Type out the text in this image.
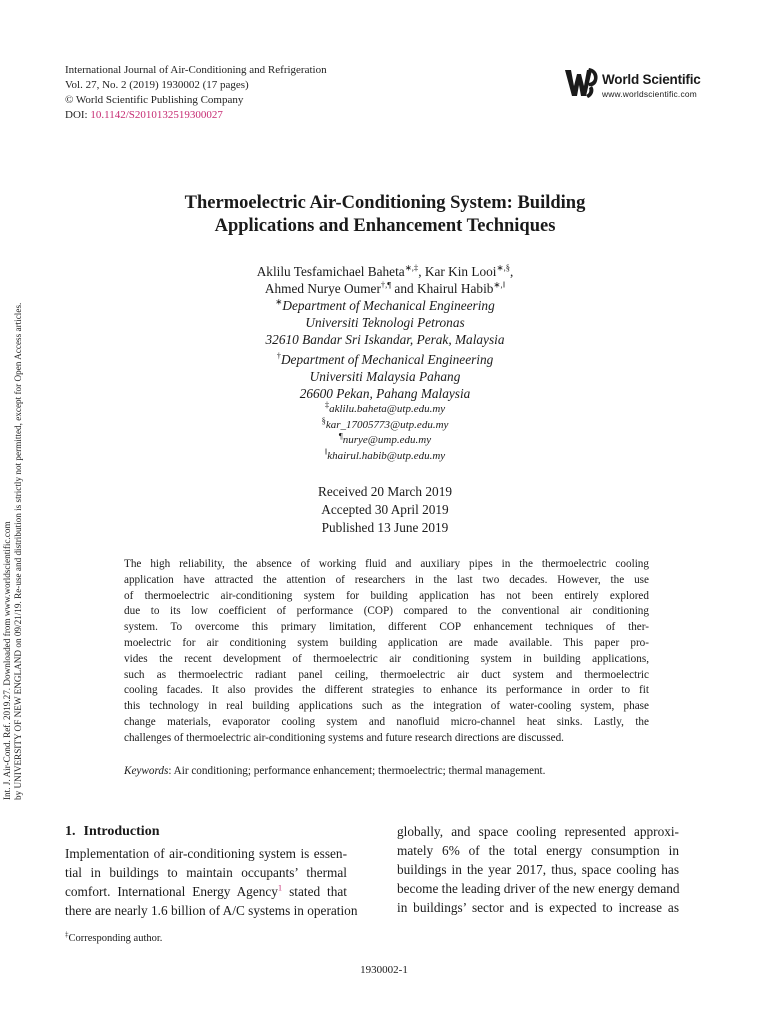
Int. J. Air-Cond. Ref. 2019.27. Downloaded from www.worldscientific.com by UNIVERSITY OF NEW ENGLAND on 09/21/19. Re-use and distribution is strictly not permitted, except for Open Access articles.
International Journal of Air-Conditioning and Refrigeration
Vol. 27, No. 2 (2019) 1930002 (17 pages)
© World Scientific Publishing Company
DOI: 10.1142/S2010132519300027
World Scientific
www.worldscientific.com
Thermoelectric Air-Conditioning System: Building
Applications and Enhancement Techniques
Aklilu Tesfamichael Baheta∗,‡, Kar Kin Looi∗,§,
Ahmed Nurye Oumer†,¶ and Khairul Habib∗,‖
∗Department of Mechanical Engineering
Universiti Teknologi Petronas
32610 Bandar Sri Iskandar, Perak, Malaysia
†Department of Mechanical Engineering
Universiti Malaysia Pahang
26600 Pekan, Pahang Malaysia
‡aklilu.baheta@utp.edu.my
§kar_17005773@utp.edu.my
¶nurye@ump.edu.my
‖khairul.habib@utp.edu.my
Received 20 March 2019
Accepted 30 April 2019
Published 13 June 2019
The high reliability, the absence of working fluid and auxiliary pipes in the thermoelectric cooling
application have attracted the attention of researchers in the last two decades. However, the use
of thermoelectric air-conditioning system for building application has not been entirely explored
due to its low coefficient of performance (COP) compared to the conventional air conditioning
system. To overcome this primary limitation, different COP enhancement techniques of ther-
moelectric for air conditioning system building application are made available. This paper pro-
vides the recent development of thermoelectric air conditioning system in building applications,
such as thermoelectric radiant panel ceiling, thermoelectric air duct system and thermoelectric
cooling facades. It also provides the different strategies to enhance its performance in order to fit
this technology in real building applications such as the integration of water-cooling system, phase
change materials, evaporator cooling system and nanofluid micro-channel heat sinks. Lastly, the
challenges of thermoelectric air-conditioning systems and future research directions are discussed.
Keywords: Air conditioning; performance enhancement; thermoelectric; thermal management.
1. Introduction
Implementation of air-conditioning system is essen-
tial in buildings to maintain occupants’ thermal
comfort. International Energy Agency$^1$ stated that
there are nearly 1.6 billion of A/C systems in operation
globally, and space cooling represented approxi-
mately 6% of the total energy consumption in
buildings in the year 2017, thus, space cooling has
become the leading driver of the new energy demand
in buildings’ sector and is expected to increase as
‡Corresponding author.
1930002-1
